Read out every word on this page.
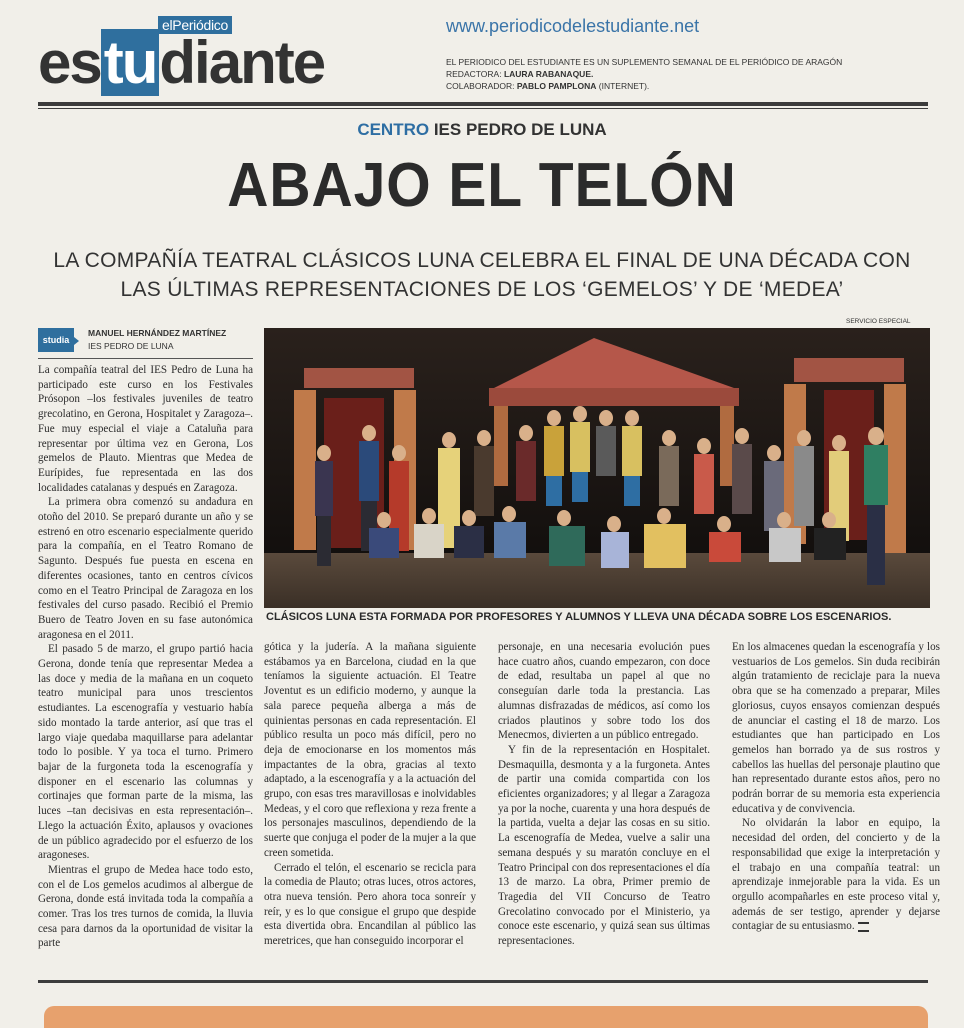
elPeriódico
estudiante
www.periodicodelestudiante.net
EL PERIODICO DEL ESTUDIANTE ES UN SUPLEMENTO SEMANAL DE EL PERIÓDICO DE ARAGÓN
REDACTORA: LAURA RABANAQUE.
COLABORADOR: PABLO PAMPLONA (INTERNET).
CENTRO IES PEDRO DE LUNA
ABAJO EL TELÓN
LA COMPAÑÍA TEATRAL CLÁSICOS LUNA CELEBRA EL FINAL DE UNA DÉCADA CON
LAS ÚLTIMAS REPRESENTACIONES DE LOS ‘GEMELOS’ Y DE ‘MEDEA’
studia
MANUEL HERNÁNDEZ MARTÍNEZ
IES PEDRO DE LUNA
SERVICIO ESPECIAL
CLÁSICOS LUNA ESTA FORMADA POR PROFESORES Y ALUMNOS Y LLEVA UNA DÉCADA SOBRE LOS ESCENARIOS.

La compañía teatral del IES Pedro de Luna ha participado este curso en los Festivales Prósopon –los festivales juveniles de teatro grecolatino, en Gerona, Hospitalet y Zaragoza–. Fue muy especial el viaje a Cataluña para representar por última vez en Gerona, Los gemelos de Plauto. Mientras que Medea de Eurípides, fue representada en las dos localidades catalanas y después en Zaragoza.

La primera obra comenzó su andadura en otoño del 2010. Se preparó durante un año y se estrenó en otro escenario especialmente querido para la compañía, en el Teatro Romano de Sagunto. Después fue puesta en escena en diferentes ocasiones, tanto en centros cívicos como en el Teatro Principal de Zaragoza en los festivales del curso pasado. Recibió el Premio Buero de Teatro Joven en su fase autonómica aragonesa en el 2011.

El pasado 5 de marzo, el grupo partió hacia Gerona, donde tenía que representar Medea a las doce y media de la mañana en un coqueto teatro municipal para unos trescientos estudiantes. La escenografía y vestuario había sido montado la tarde anterior, así que tras el largo viaje quedaba maquillarse para adelantar todo lo posible. Y ya toca el turno. Primero bajar de la furgoneta toda la escenografía y disponer en el escenario las columnas y cortinajes que forman parte de la misma, las luces –tan decisivas en esta representación–. Llego la actuación Éxito, aplausos y ovaciones de un público agradecido por el esfuerzo de los aragoneses.

Mientras el grupo de Medea hace todo esto, con el de Los gemelos acudimos al albergue de Gerona, donde está invitada toda la compañía a comer. Tras los tres turnos de comida, la lluvia cesa para darnos da la oportunidad de visitar la parte

gótica y la judería. A la mañana siguiente estábamos ya en Barcelona, ciudad en la que teníamos la siguiente actuación. El Teatre Joventut es un edificio moderno, y aunque la sala parece pequeña alberga a más de quinientas personas en cada representación. El público resulta un poco más difícil, pero no deja de emocionarse en los momentos más impactantes de la obra, gracias al texto adaptado, a la escenografía y a la actuación del grupo, con esas tres maravillosas e inolvidables Medeas, y el coro que reflexiona y reza frente a los personajes masculinos, dependiendo de la suerte que conjuga el poder de la mujer a la que creen sometida.

Cerrado el telón, el escenario se recicla para la comedia de Plauto; otras luces, otros actores, otra nueva tensión. Pero ahora toca sonreír y reír, y es lo que consigue el grupo que despide esta divertida obra. Encandilan al público las meretrices, que han conseguido incorporar el

personaje, en una necesaria evolución pues hace cuatro años, cuando empezaron, con doce de edad, resultaba un papel al que no conseguían darle toda la prestancia. Las alumnas disfrazadas de médicos, así como los criados plautinos y sobre todo los dos Menecmos, divierten a un público entregado.

Y fin de la representación en Hospitalet. Desmaquilla, desmonta y a la furgoneta. Antes de partir una comida compartida con los eficientes organizadores; y al llegar a Zaragoza ya por la noche, cuarenta y una hora después de la partida, vuelta a dejar las cosas en su sitio. La escenografía de Medea, vuelve a salir una semana después y su maratón concluye en el Teatro Principal con dos representaciones el día 13 de marzo. La obra, Primer premio de Tragedia del VII Concurso de Teatro Grecolatino convocado por el Ministerio, ya conoce este escenario, y quizá sean sus últimas representaciones.

En los almacenes quedan la escenografía y los vestuarios de Los gemelos. Sin duda recibirán algún tratamiento de reciclaje para la nueva obra que se ha comenzado a preparar, Miles gloriosus, cuyos ensayos comienzan después de anunciar el casting el 18 de marzo. Los estudiantes que han participado en Los gemelos han borrado ya de sus rostros y cabellos las huellas del personaje plautino que han representado durante estos años, pero no podrán borrar de su memoria esta experiencia educativa y de convivencia.

No olvidarán la labor en equipo, la necesidad del orden, del concierto y de la responsabilidad que exige la interpretación y el trabajo en una compañía teatral: un aprendizaje inmejorable para la vida. Es un orgullo acompañarles en este proceso vital y, además de ser testigo, aprender y dejarse contagiar de su entusiasmo.
